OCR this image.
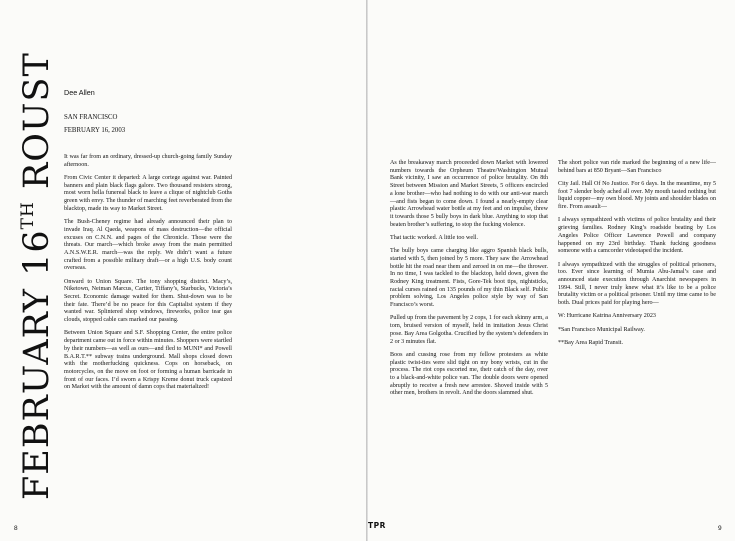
FEBRUARY 16TH ROUST Dee Allen
SAN FRANCISCO
FEBRUARY 16, 2003

It was far from an ordinary, dressed-up church-going family Sunday afternoon.

From Civic Center it departed: A large cortege against war. Painted banners and plain black flags galore. Two thousand resisters strong, most worn hella funereal black to leave a clique of nightclub Goths green with envy. The thunder of marching feet reverberated from the blacktop, made its way to Market Street.

The Bush-Cheney regime had already announced their plan to invade Iraq. Al Qaeda, weapons of mass destruction—the official excuses on C.N.N. and pages of the Chronicle. Those were the threats. Our march—which broke away from the main permitted A.N.S.W.E.R. march—was the reply. We didn’t want a future crafted from a possible military draft—or a high U.S. body count overseas.

Onward to Union Square. The tony shopping district. Macy’s, Niketown, Neiman Marcus, Cartier, Tiffany’s, Starbucks, Victoria’s Secret. Economic damage waited for them. Shut-down was to be their fate. There’d be no peace for this Capitalist system if they wanted war. Splintered shop windows, fireworks, police tear gas clouds, stopped cable cars marked our passing.

Between Union Square and S.F. Shopping Center, the entire police department came out in force within minutes. Shoppers were startled by their numbers—as well as ours—and fled to MUNI* and Powell B.A.R.T.** subway trains underground. Mall shops closed down with the motherfucking quickness. Cops on horseback, on motorcycles, on the move on foot or forming a human barricade in front of our faces. I’d sworn a Krispy Kreme donut truck capsized on Market with the amount of damn cops that materialized!

8

As the breakaway march proceeded down Market with lowered numbers towards the Orpheum Theatre/Washington Mutual Bank vicinity, I saw an occurrence of police brutality. On 8th Street between Mission and Market Streets, 5 officers encircled a lone brother—who had nothing to do with our anti-war march—and fists began to come down. I found a nearly-empty clear plastic Arrowhead water bottle at my feet and on impulse, threw it towards those 5 bully boys in dark blue. Anything to stop that beaten brother’s suffering, to stop the fucking violence.

That tactic worked. A little too well.

The bully boys came charging like aggro Spanish black bulls, started with 5, then joined by 5 more. They saw the Arrowhead bottle hit the road near them and zeroed in on me—the thrower. In no time, I was tackled to the blacktop, held down, given the Rodney King treatment. Fists, Gore-Tek boot tips, nightsticks, racial curses rained on 135 pounds of my thin Black self. Public problem solving, Los Angeles police style by way of San Francisco’s worst.

Pulled up from the pavement by 2 cops, 1 for each skinny arm, a torn, bruised version of myself, held in imitation Jesus Christ pose. Bay Area Golgotha. Crucified by the system’s defenders in 2 or 3 minutes flat.

Boos and cussing rose from my fellow protesters as white plastic twist-ties were slid tight on my bony wrists, cut in the process. The riot cops escorted me, their catch of the day, over to a black-and-white police van. The double doors were opened abruptly to receive a fresh new arrestee. Shoved inside with 5 other men, brothers in revolt. And the doors slammed shut.

The short police van ride marked the beginning of a new life—behind bars at 850 Bryant—San Francisco

City Jail. Hall Of No Justice. For 6 days. In the meantime, my 5 foot 7 slender body ached all over. My mouth tasted nothing but liquid copper—my own blood. My joints and shoulder blades on fire. From assault—

I always sympathized with victims of police brutality and their grieving families. Rodney King’s roadside beating by Los Angeles Police Officer Lawrence Powell and company happened on my 23rd birthday. Thank fucking goodness someone with a camcorder videotaped the incident.

I always sympathized with the struggles of political prisoners, too. Ever since learning of Mumia Abu-Jamal’s case and announced state execution through Anarchist newspapers in 1994. Still, I never truly knew what it’s like to be a police brutality victim or a political prisoner. Until my time came to be both. Dual prices paid for playing hero—

W: Hurricane Katrina Anniversary 2023

*San Francisco Municipal Railway.

**Bay Area Rapid Transit.

TPR	9
